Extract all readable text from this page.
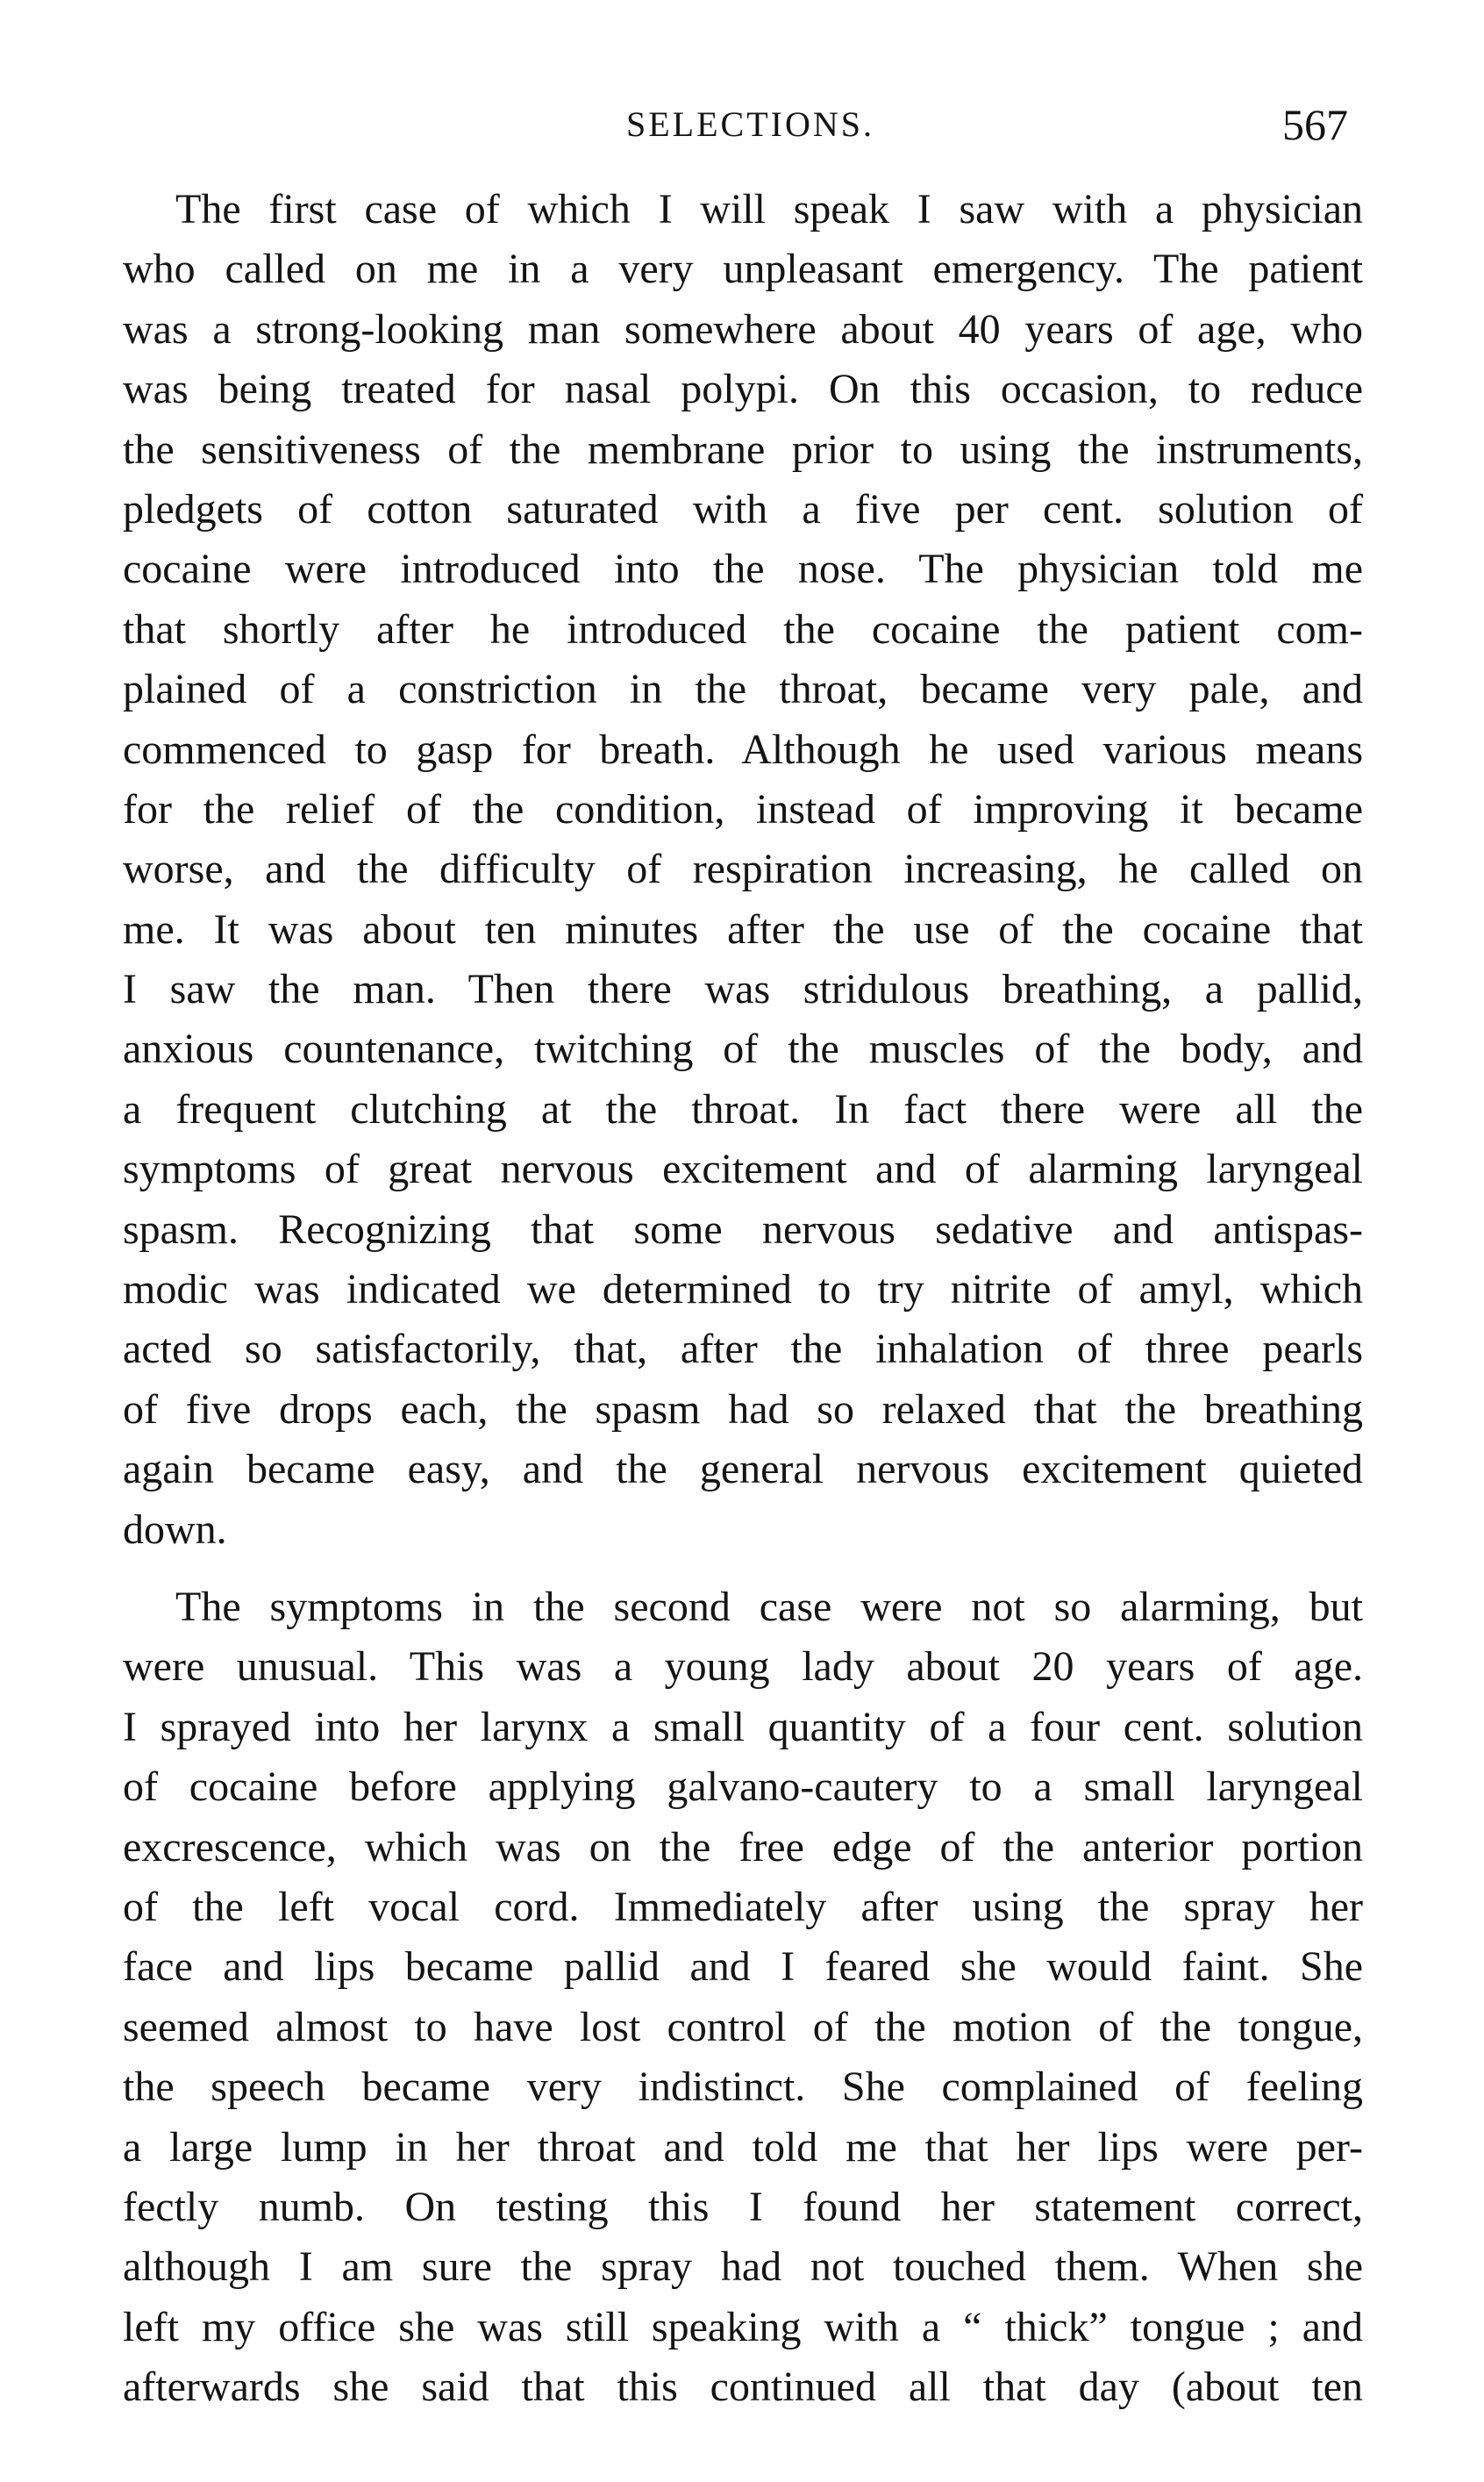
SELECTIONS.	567
The first case of which I will speak I saw with a physician
who called on me in a very unpleasant emergency. The patient
was a strong-looking man somewhere about 40 years of age, who
was being treated for nasal polypi. On this occasion, to reduce
the sensitiveness of the membrane prior to using the instruments,
pledgets of cotton saturated with a five per cent. solution of
cocaine were introduced into the nose. The physician told me
that shortly after he introduced the cocaine the patient com-
plained of a constriction in the throat, became very pale, and
commenced to gasp for breath. Although he used various means
for the relief of the condition, instead of improving it became
worse, and the difficulty of respiration increasing, he called on
me. It was about ten minutes after the use of the cocaine that
I saw the man. Then there was stridulous breathing, a pallid,
anxious countenance, twitching of the muscles of the body, and
a frequent clutching at the throat. In fact there were all the
symptoms of great nervous excitement and of alarming laryngeal
spasm. Recognizing that some nervous sedative and antispas-
modic was indicated we determined to try nitrite of amyl, which
acted so satisfactorily, that, after the inhalation of three pearls
of five drops each, the spasm had so relaxed that the breathing
again became easy, and the general nervous excitement quieted
down.
The symptoms in the second case were not so alarming, but
were unusual. This was a young lady about 20 years of age.
I sprayed into her larynx a small quantity of a four cent. solution
of cocaine before applying galvano-cautery to a small laryngeal
excrescence, which was on the free edge of the anterior portion
of the left vocal cord. Immediately after using the spray her
face and lips became pallid and I feared she would faint. She
seemed almost to have lost control of the motion of the tongue,
the speech became very indistinct. She complained of feeling
a large lump in her throat and told me that her lips were per-
fectly numb. On testing this I found her statement correct,
although I am sure the spray had not touched them. When she
left my office she was still speaking with a “ thick” tongue ; and
afterwards she said that this continued all that day (about ten
